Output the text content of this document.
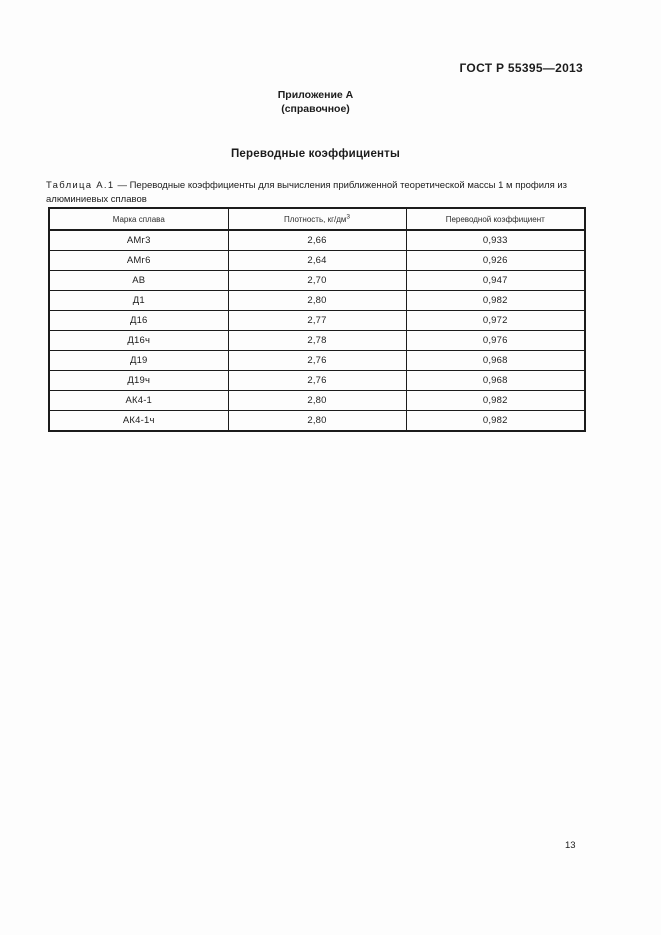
ГОСТ Р 55395—2013
Приложение А
(справочное)
Переводные коэффициенты
Таблица А.1 — Переводные коэффициенты для вычисления приближенной теоретической массы 1 м профиля из алюминиевых сплавов
Марка сплава	Плотность, $кг/дм^3$	Переводной коэффициент
АМг3	2,66	0,933
АМг6	2,64	0,926
АВ	2,70	0,947
Д1	2,80	0,982
Д16	2,77	0,972
Д16ч	2,78	0,976
Д19	2,76	0,968
Д19ч	2,76	0,968
АК4-1	2,80	0,982
АК4-1ч	2,80	0,982
13
